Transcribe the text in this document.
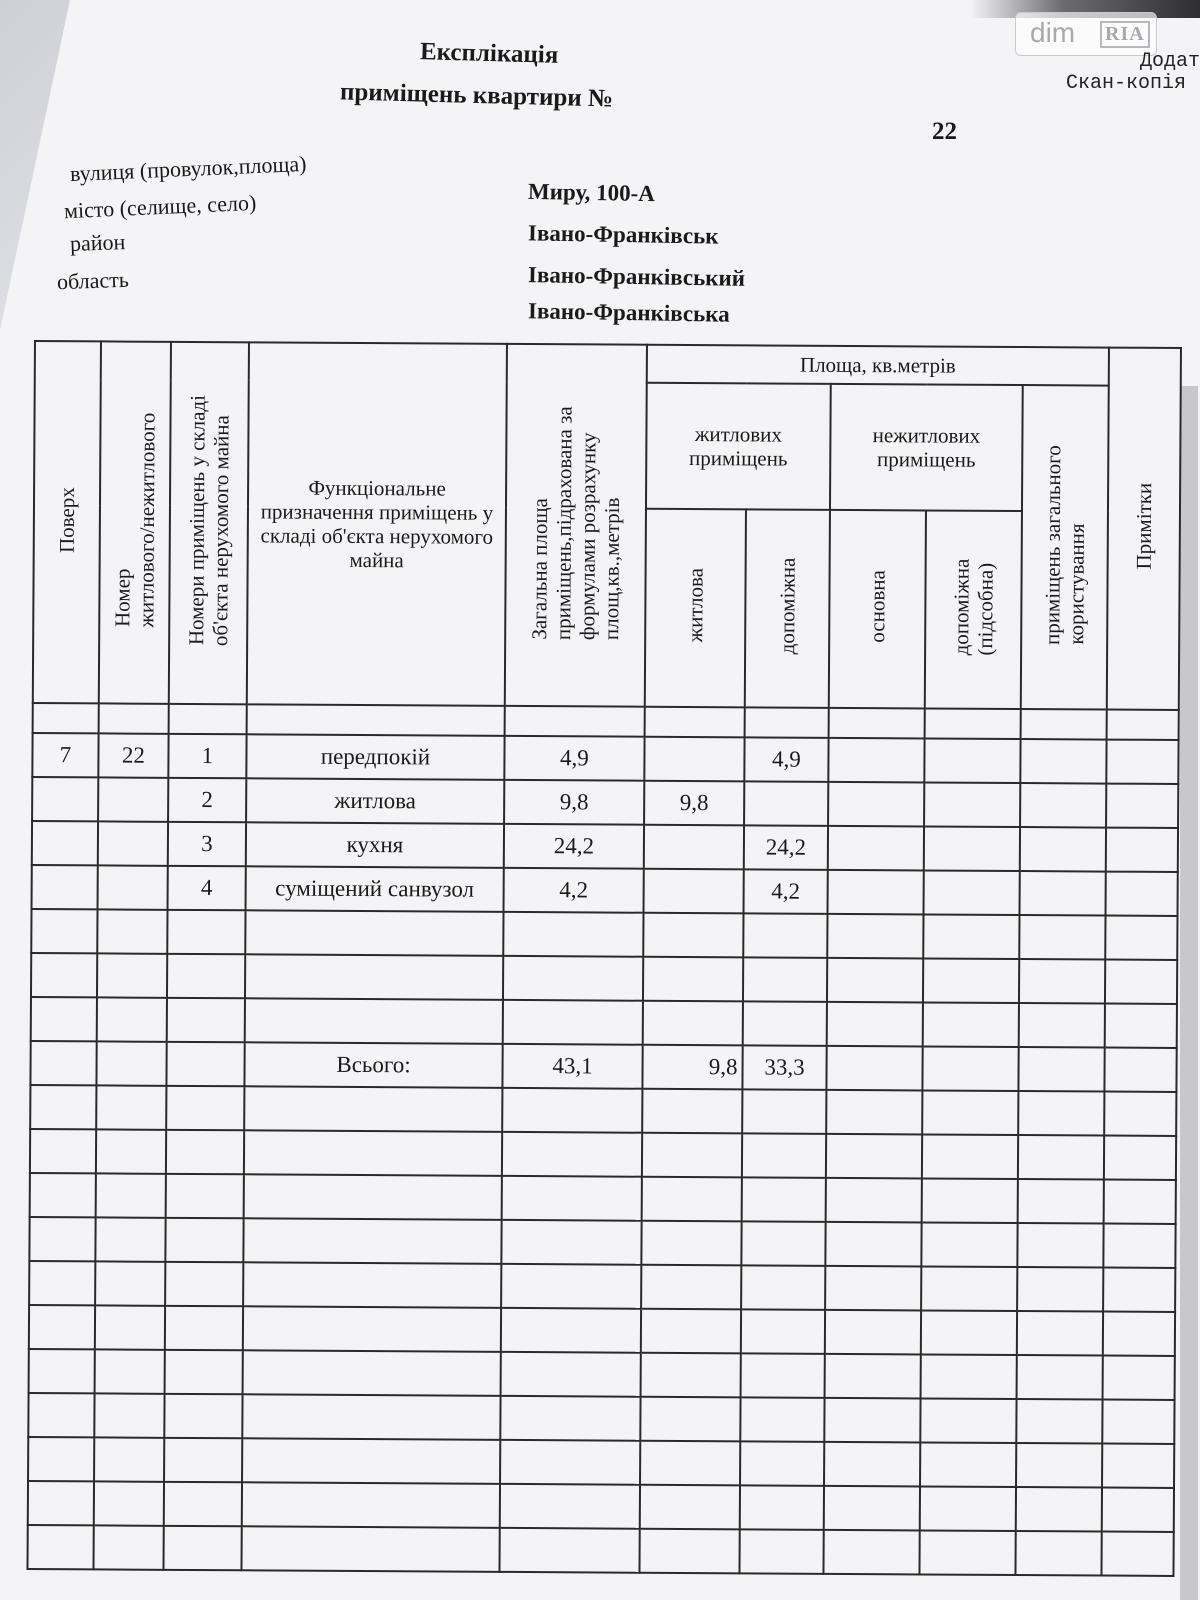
dim RIA
Додат
Скан-копія
Експлікація
приміщень квартири №
22
вулиця (провулок,площа)
місто (селище, село)
район
область
Миру, 100-А
Івано-Франківськ
Івано-Франківський
Івано-Франківська
Поверх	Номержитлового/нежитлового	Номери приміщень у складіоб'єкта нерухомого майна	Функціональне призначення приміщень у складі об'єкта нерухомого майна	Загальна площаприміщень,підрахована заформулами розрахункуплощ,кв.,метрів	Площа, кв.метрів					Примітки
					житлових приміщень		нежитлових приміщень		приміщень загальногокористування	
					житлова	допоміжна	основна	допоміжна(підсобна)		

7	22	1	передпокій	4,9		4,9				
		2	житлова	9,8	9,8					
		3	кухня	24,2		24,2				
		4	суміщений санвузол	4,2		4,2				

			Всього:	43,1	9,8	33,3				
